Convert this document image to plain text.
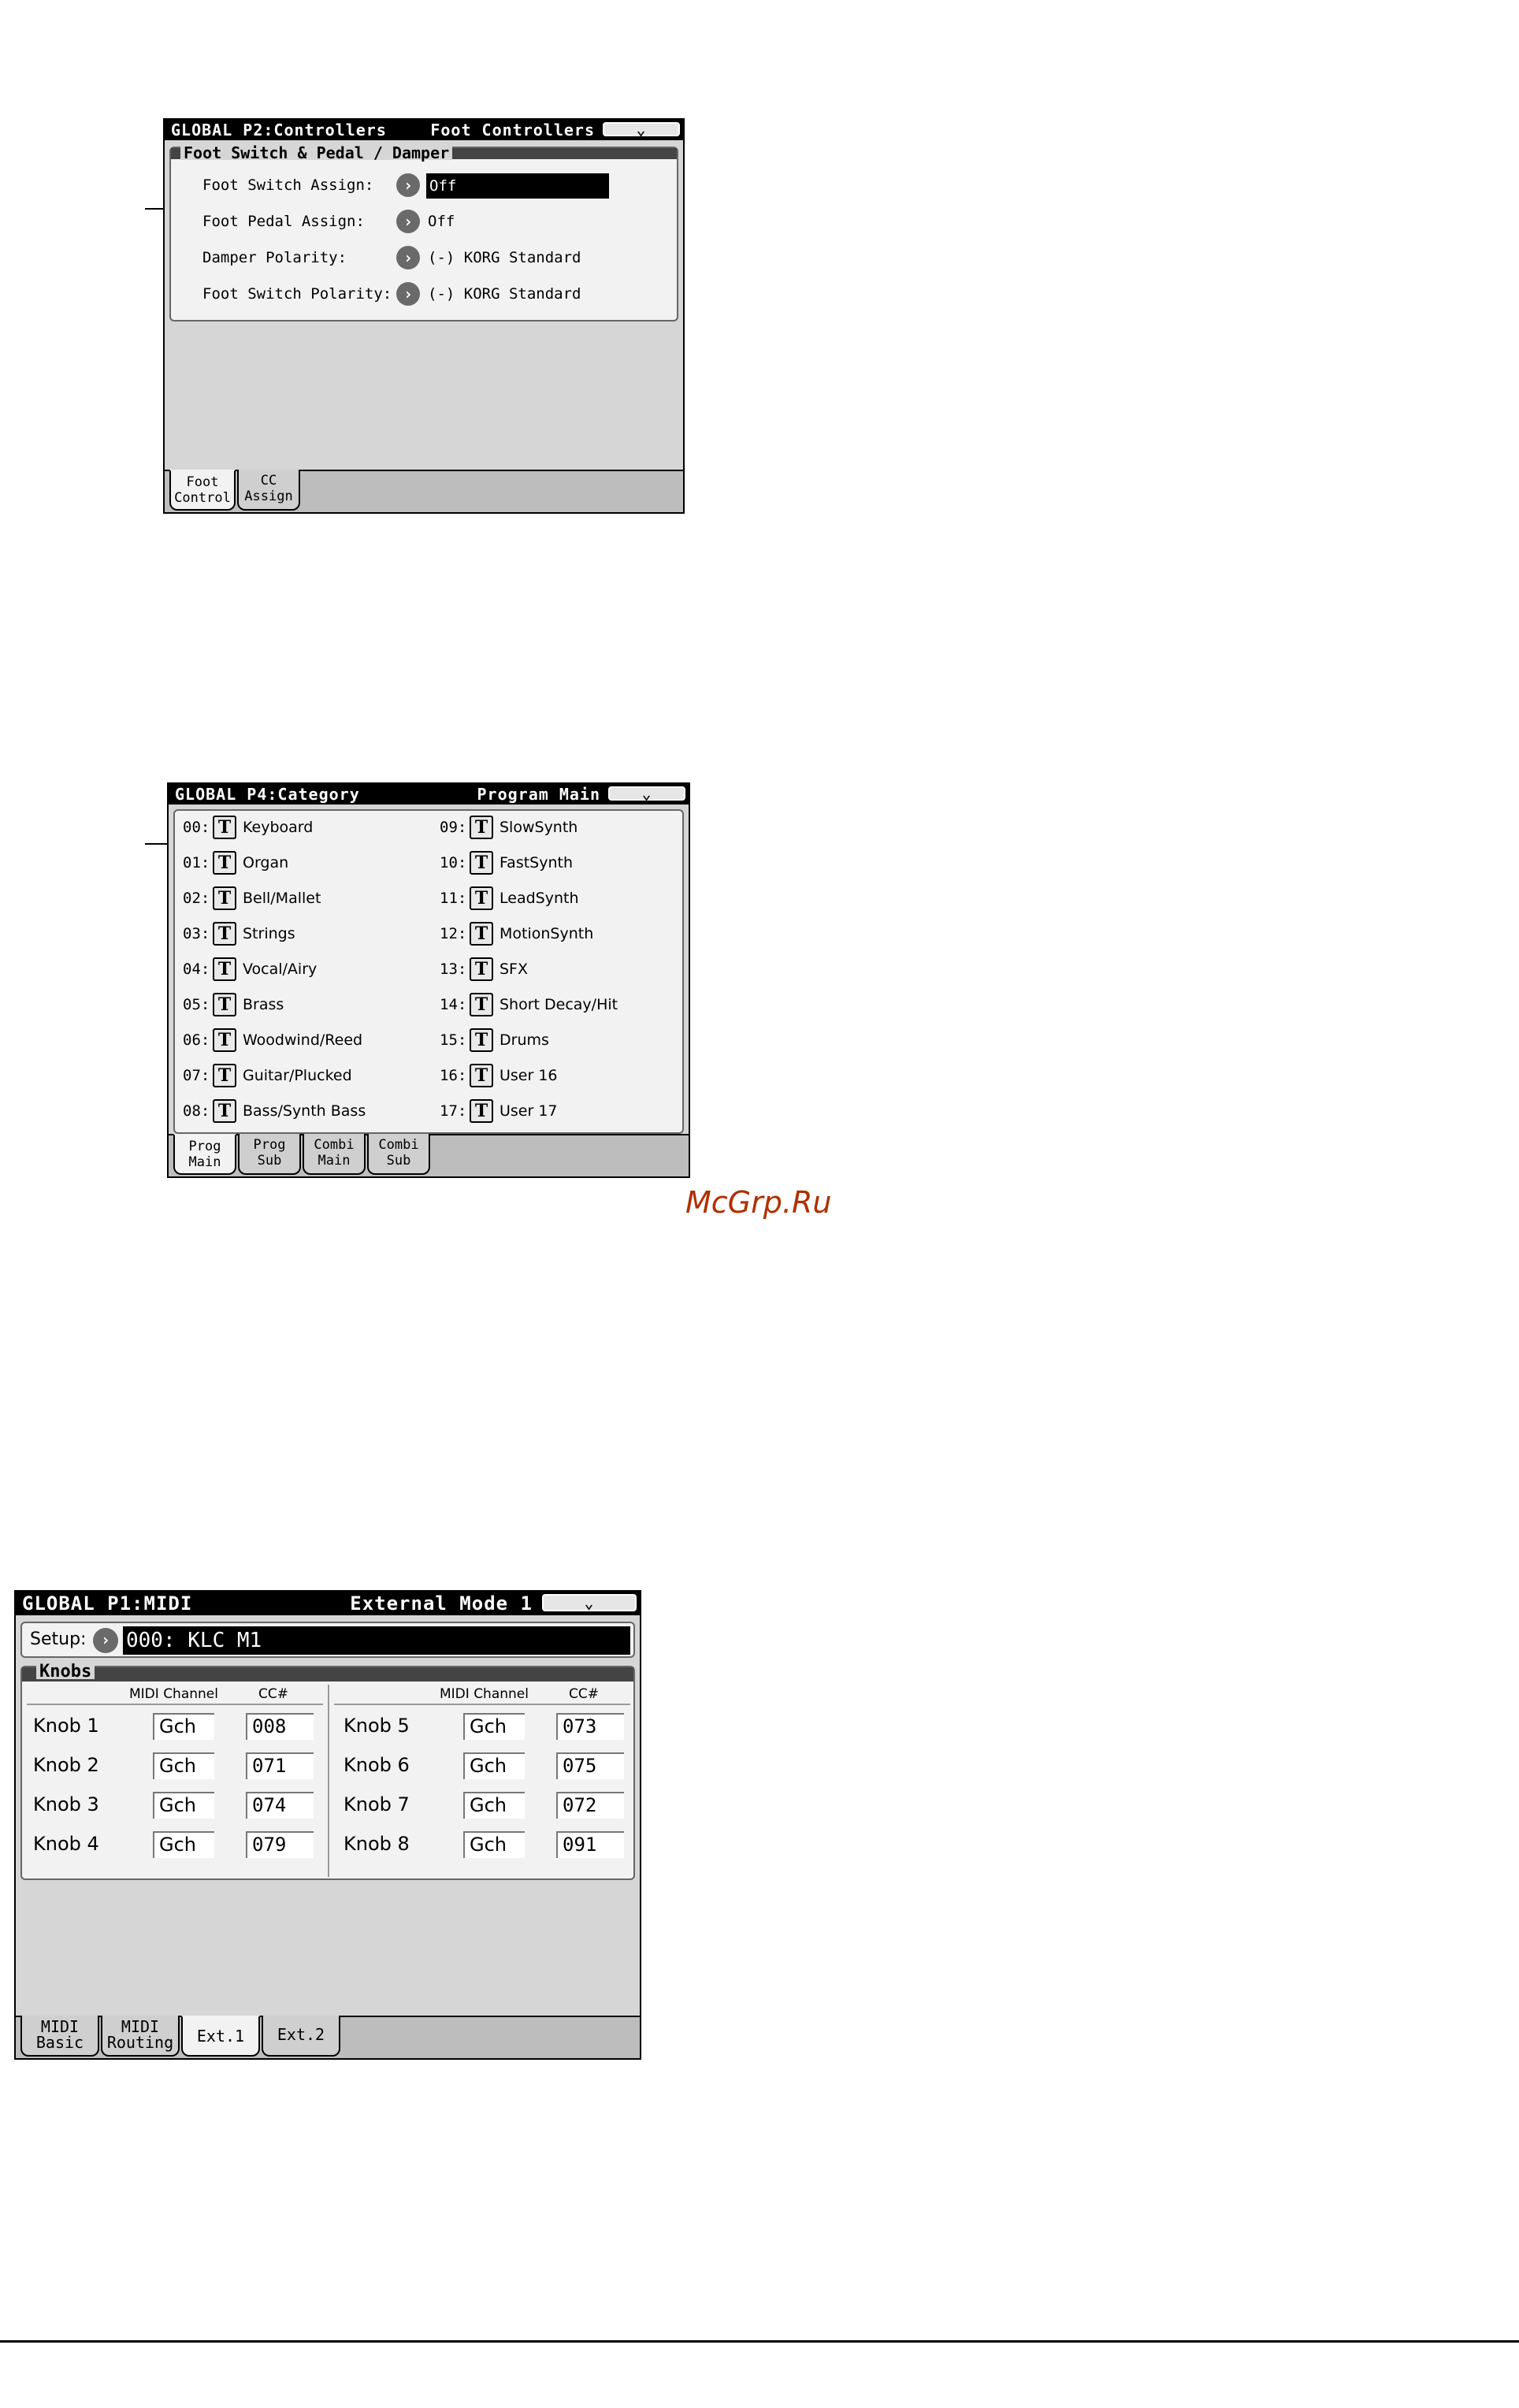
GLOBAL P2:Controllers	Foot Controllers	⌄
Foot Switch & Pedal / Damper
Foot Switch Assign:	›	Off
Foot Pedal Assign:	› Off
Damper Polarity:	› (-) KORG Standard
Foot Switch Polarity: › (-) KORG Standard
Foot
Control
CC
Assign
GLOBAL P4:Category	Program Main	⌄
00: T Keyboard
01: T Organ
02: T Bell/Mallet
03: T Strings
04: T Vocal/Airy
05: T Brass
06: T Woodwind/Reed
07: T Guitar/Plucked
08: T Bass/Synth Bass
09: T SlowSynth
10: T FastSynth
11: T LeadSynth
12: T MotionSynth
13: T SFX
14: T Short Decay/Hit
15: T Drums
16: T User 16
17: T User 17
Prog
Main
Prog
Sub
Combi
Main
Combi
Sub
McGrp.Ru
GLOBAL P1:MIDI	External Mode 1	⌄
Setup: › 000: KLC M1
Knobs
MIDI Channel	CC#	MIDI Channel	CC#
Knob 1	Gch	008
Knob 2	Gch	071
Knob 3	Gch	074
Knob 4	Gch	079
Knob 5	Gch	073
Knob 6	Gch	075
Knob 7	Gch	072
Knob 8	Gch	091
MIDI
Basic
MIDI
Routing	Ext.1	Ext.2
